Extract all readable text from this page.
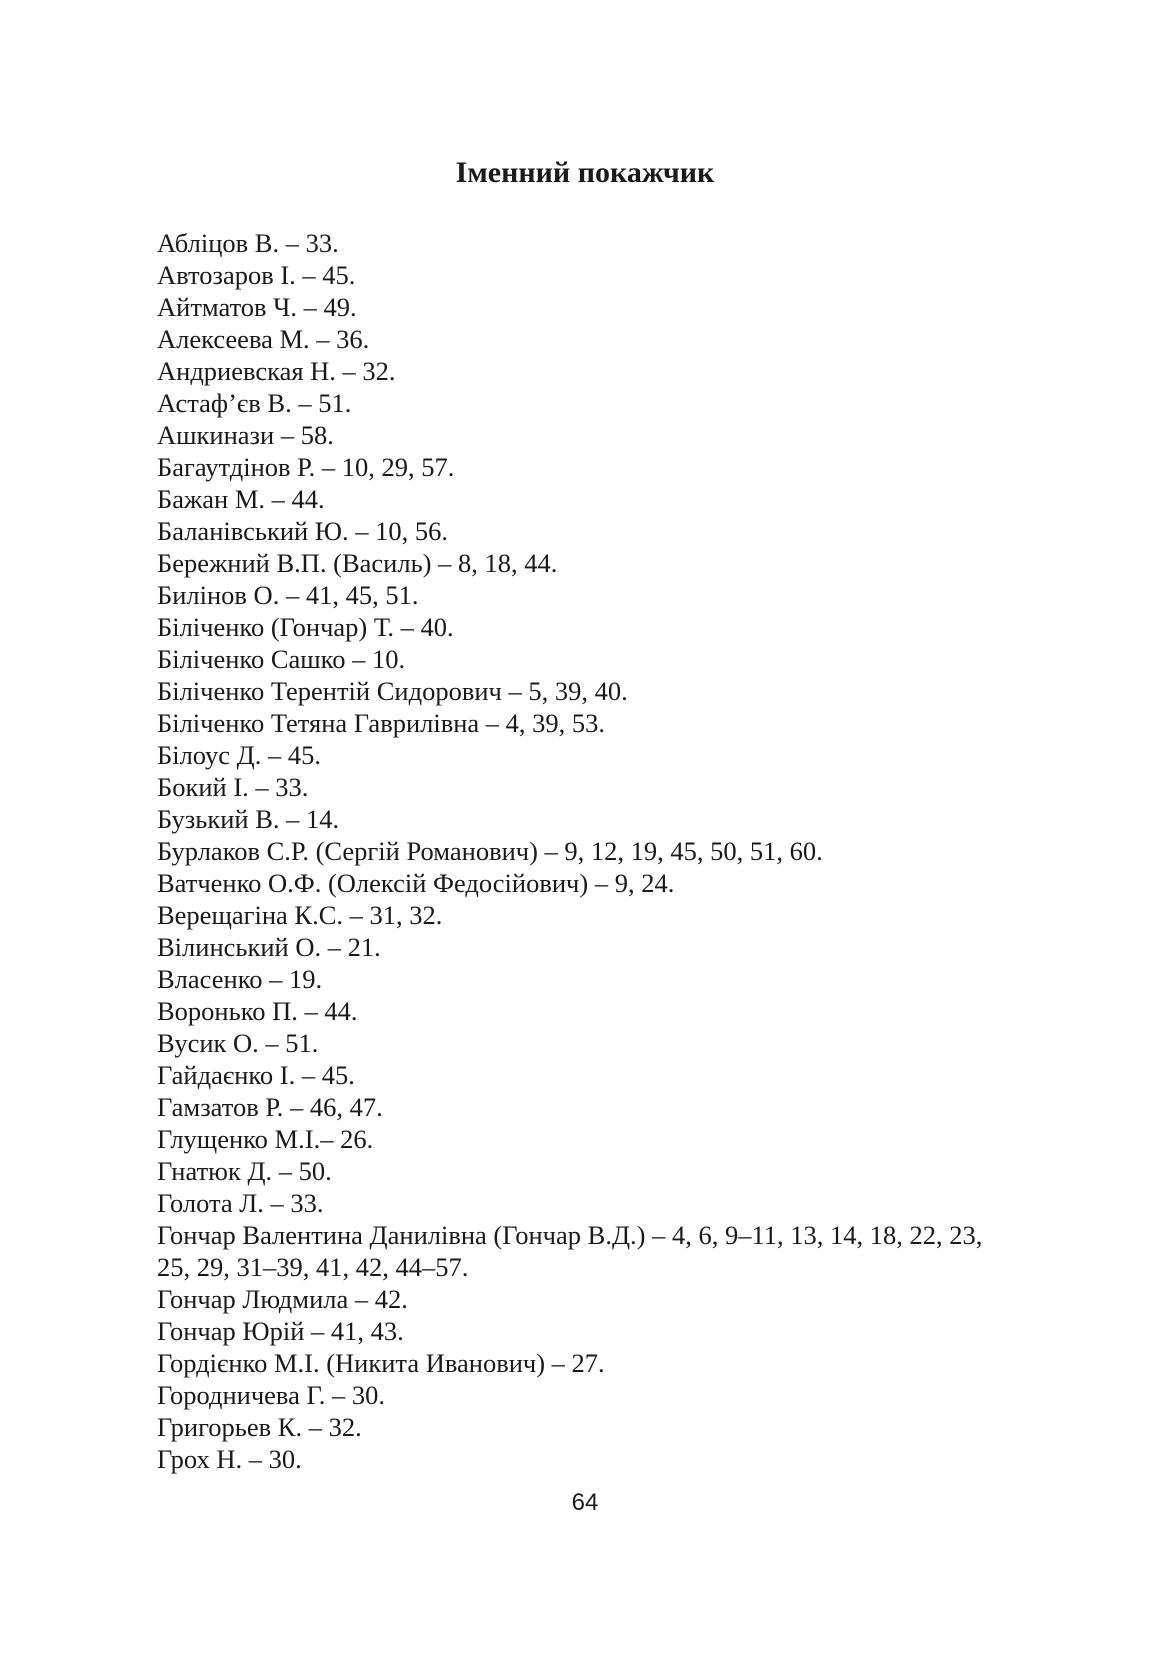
Іменний покажчик
Абліцов В. – 33.
Автозаров І. – 45.
Айтматов Ч. – 49.
Алексеева М. – 36.
Андриевская Н. – 32.
Астаф’єв В. – 51.
Ашкинази – 58.
Багаутдінов Р. – 10, 29, 57.
Бажан М. – 44.
Баланівський Ю. – 10, 56.
Бережний В.П. (Василь) – 8, 18, 44.
Билінов О. – 41, 45, 51.
Біліченко (Гончар) Т. – 40.
Біліченко Сашко – 10.
Біліченко Терентій Сидорович – 5, 39, 40.
Біліченко Тетяна Гаврилівна – 4, 39, 53.
Білоус Д. – 45.
Бокий І. – 33.
Бузький В. – 14.
Бурлаков С.Р. (Сергій Романович) – 9, 12, 19, 45, 50, 51, 60.
Ватченко О.Ф. (Олексій Федосійович) – 9, 24.
Верещагіна К.С. – 31, 32.
Вілинський О. – 21.
Власенко – 19.
Воронько П. – 44.
Вусик О. – 51.
Гайдаєнко І. – 45.
Гамзатов Р. – 46, 47.
Глущенко М.І.– 26.
Гнатюк Д. – 50.
Голота Л. – 33.
Гончар Валентина Данилівна (Гончар В.Д.) – 4, 6, 9–11, 13, 14, 18, 22, 23, 25, 29, 31–39, 41, 42, 44–57.
Гончар Людмила – 42.
Гончар Юрій – 41, 43.
Гордієнко М.І. (Никита Иванович) – 27.
Городничева Г. – 30.
Григорьев К. – 32.
Грох Н. – 30.
64
